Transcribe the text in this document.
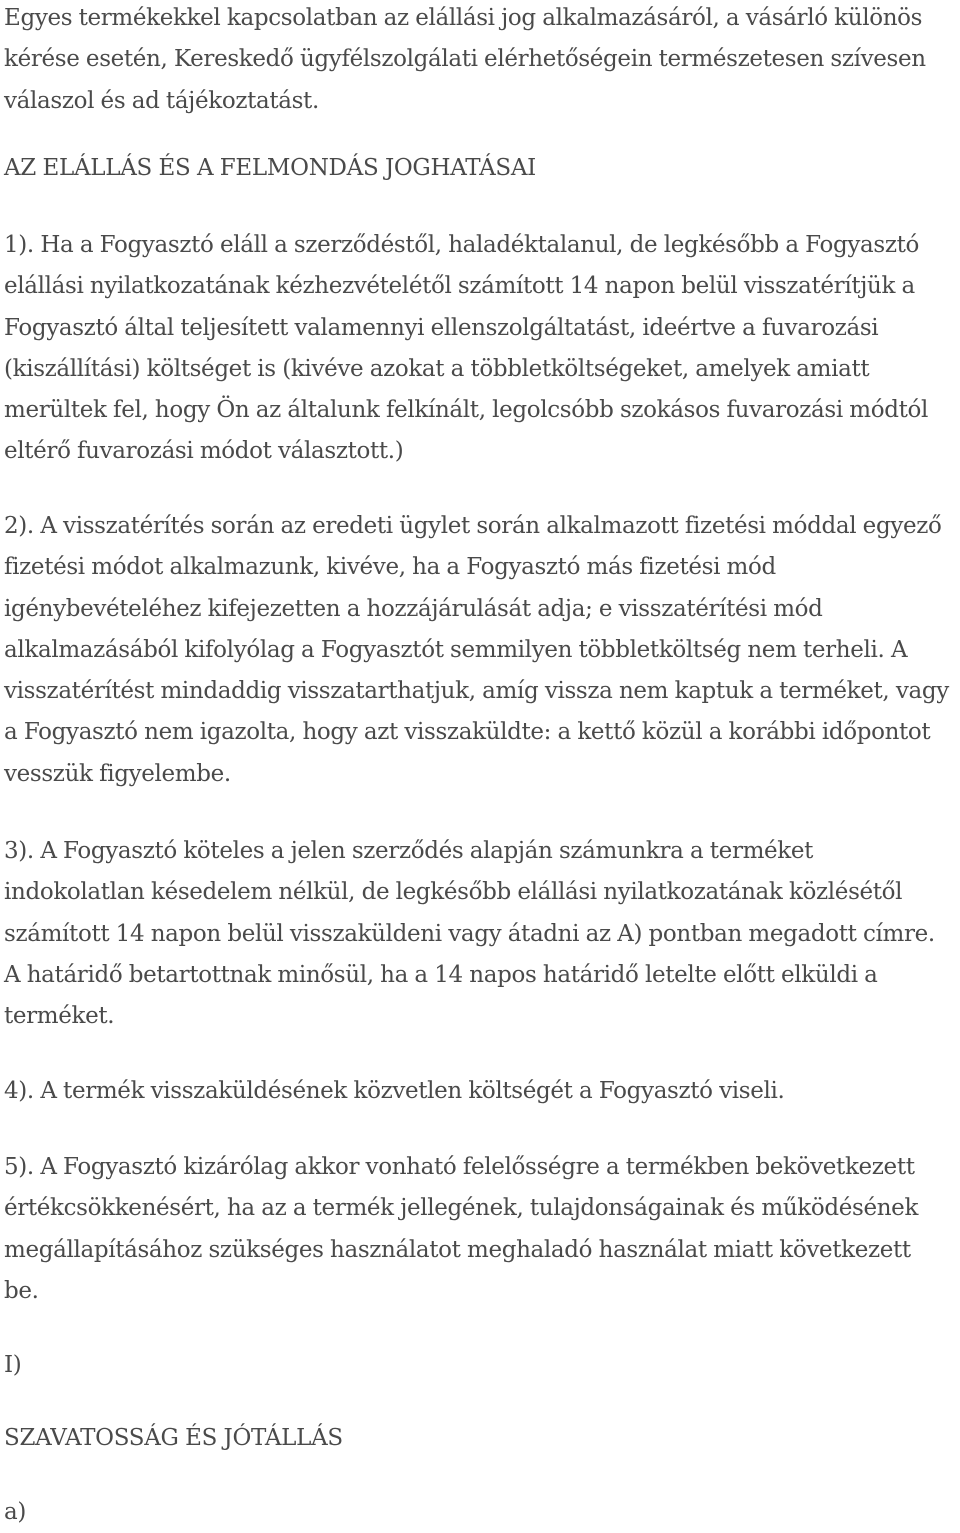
Egyes termékekkel kapcsolatban az elállási jog alkalmazásáról, a vásárló különös kérése esetén, Kereskedő ügyfélszolgálati elérhetőségein természetesen szívesen válaszol és ad tájékoztatást.

AZ ELÁLLÁS ÉS A FELMONDÁS JOGHATÁSAI

1). Ha a Fogyasztó eláll a szerződéstől, haladéktalanul, de legkésőbb a Fogyasztó elállási nyilatkozatának kézhezvételétől számított 14 napon belül visszatérítjük a Fogyasztó által teljesített valamennyi ellenszolgáltatást, ideértve a fuvarozási (kiszállítási) költséget is (kivéve azokat a többletköltségeket, amelyek amiatt merültek fel, hogy Ön az általunk felkínált, legolcsóbb szokásos fuvarozási módtól eltérő fuvarozási módot választott.)

2). A visszatérítés során az eredeti ügylet során alkalmazott fizetési móddal egyező fizetési módot alkalmazunk, kivéve, ha a Fogyasztó más fizetési mód igénybevételéhez kifejezetten a hozzájárulását adja; e visszatérítési mód alkalmazásából kifolyólag a Fogyasztót semmilyen többletköltség nem terheli. A visszatérítést mindaddig visszatarthatjuk, amíg vissza nem kaptuk a terméket, vagy a Fogyasztó nem igazolta, hogy azt visszaküldte: a kettő közül a korábbi időpontot vesszük figyelembe.

3). A Fogyasztó köteles a jelen szerződés alapján számunkra a terméket indokolatlan késedelem nélkül, de legkésőbb elállási nyilatkozatának közlésétől számított 14 napon belül visszaküldeni vagy átadni az A) pontban megadott címre. A határidő betartottnak minősül, ha a 14 napos határidő letelte előtt elküldi a terméket.

4). A termék visszaküldésének közvetlen költségét a Fogyasztó viseli.

5). A Fogyasztó kizárólag akkor vonható felelősségre a termékben bekövetkezett értékcsökkenésért, ha az a termék jellegének, tulajdonságainak és működésének megállapításához szükséges használatot meghaladó használat miatt következett be.

I)

SZAVATOSSÁG ÉS JÓTÁLLÁS

a)
